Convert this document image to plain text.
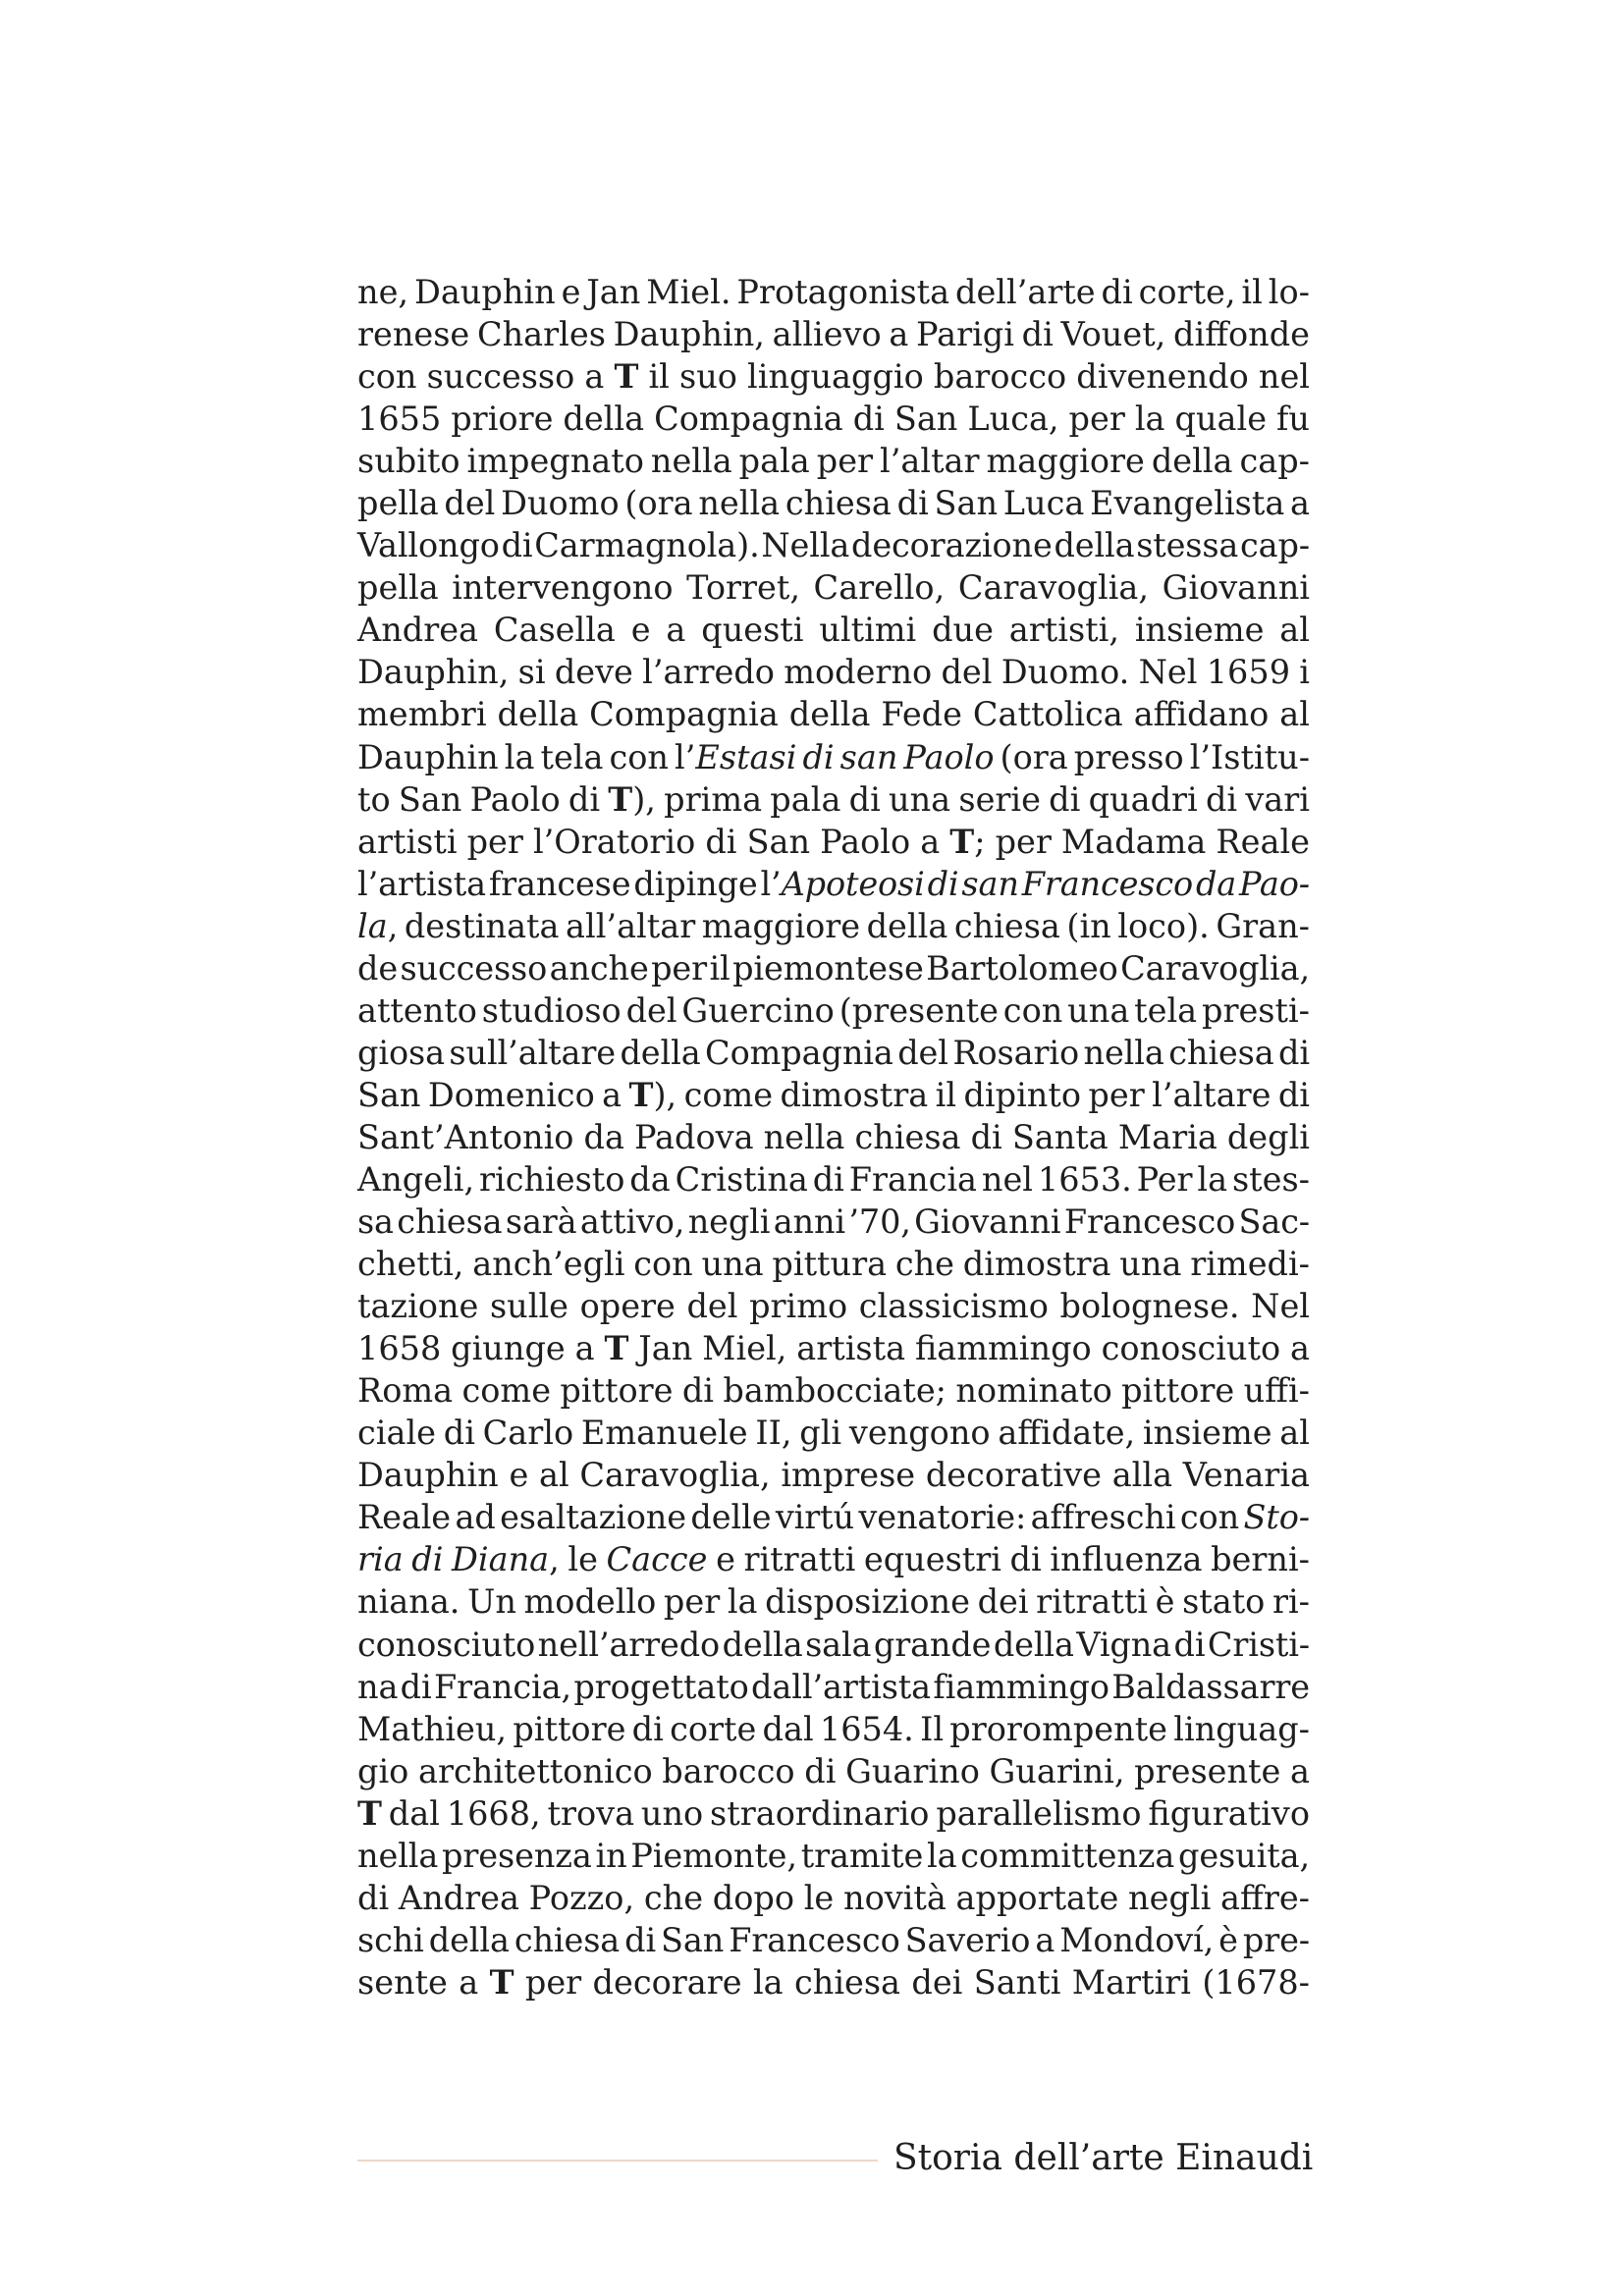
ne, Dauphin e Jan Miel. Protagonista dell’arte di corte, il lo-
renese Charles Dauphin, allievo a Parigi di Vouet, diffonde
con successo a T il suo linguaggio barocco divenendo nel
1655 priore della Compagnia di San Luca, per la quale fu
subito impegnato nella pala per l’altar maggiore della cap-
pella del Duomo (ora nella chiesa di San Luca Evangelista a
Vallongo di Carmagnola). Nella decorazione della stessa cap-
pella intervengono Torret, Carello, Caravoglia, Giovanni
Andrea Casella e a questi ultimi due artisti, insieme al
Dauphin, si deve l’arredo moderno del Duomo. Nel 1659 i
membri della Compagnia della Fede Cattolica affidano al
Dauphin la tela con l’Estasi di san Paolo (ora presso l’Istitu-
to San Paolo di T), prima pala di una serie di quadri di vari
artisti per l’Oratorio di San Paolo a T; per Madama Reale
l’artista francese dipinge l’Apoteosi di san Francesco da Pao-
la, destinata all’altar maggiore della chiesa (in loco). Gran-
de successo anche per il piemontese Bartolomeo Caravoglia,
attento studioso del Guercino (presente con una tela presti-
giosa sull’altare della Compagnia del Rosario nella chiesa di
San Domenico a T), come dimostra il dipinto per l’altare di
Sant’Antonio da Padova nella chiesa di Santa Maria degli
Angeli, richiesto da Cristina di Francia nel 1653. Per la stes-
sa chiesa sarà attivo, negli anni ’70, Giovanni Francesco Sac-
chetti, anch’egli con una pittura che dimostra una rimedi-
tazione sulle opere del primo classicismo bolognese. Nel
1658 giunge a T Jan Miel, artista fiammingo conosciuto a
Roma come pittore di bambocciate; nominato pittore uffi-
ciale di Carlo Emanuele II, gli vengono affidate, insieme al
Dauphin e al Caravoglia, imprese decorative alla Venaria
Reale ad esaltazione delle virtú venatorie: affreschi con Sto-
ria di Diana, le Cacce e ritratti equestri di influenza berni-
niana. Un modello per la disposizione dei ritratti è stato ri-
conosciuto nell’arredo della sala grande della Vigna di Cristi-
na di Francia, progettato dall’artista fiammingo Baldassarre
Mathieu, pittore di corte dal 1654. Il prorompente linguag-
gio architettonico barocco di Guarino Guarini, presente a
T dal 1668, trova uno straordinario parallelismo figurativo
nella presenza in Piemonte, tramite la committenza gesuita,
di Andrea Pozzo, che dopo le novità apportate negli affre-
schi della chiesa di San Francesco Saverio a Mondoví, è pre-
sente a T per decorare la chiesa dei Santi Martiri (1678-
Storia dell’arte Einaudi
